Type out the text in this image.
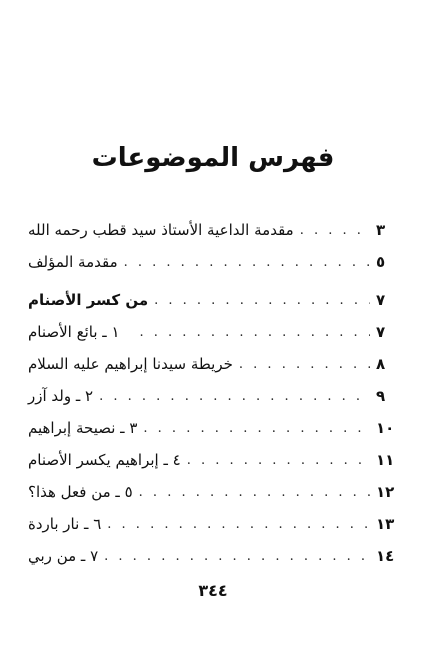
فهرس الموضوعات
مقدمة الداعية الأستاذ سيد قطب رحمه الله . . .	٣
مقدمة المؤلف . . .	٥
من كسر الأصنام . . .	٧
١ ـ بائع الأصنام . . .	٧
خريطة سيدنا إبراهيم عليه السلام . . .	٨
٢ ـ ولد آزر . . .	٩
٣ ـ نصيحة إبراهيم . . .	١٠
٤ ـ إبراهيم يكسر الأصنام . . .	١١
٥ ـ من فعل هذا؟ . . .	١٢
٦ ـ نار باردة . . .	١٣
٧ ـ من ربي . . .	١٤
٣٤٤
